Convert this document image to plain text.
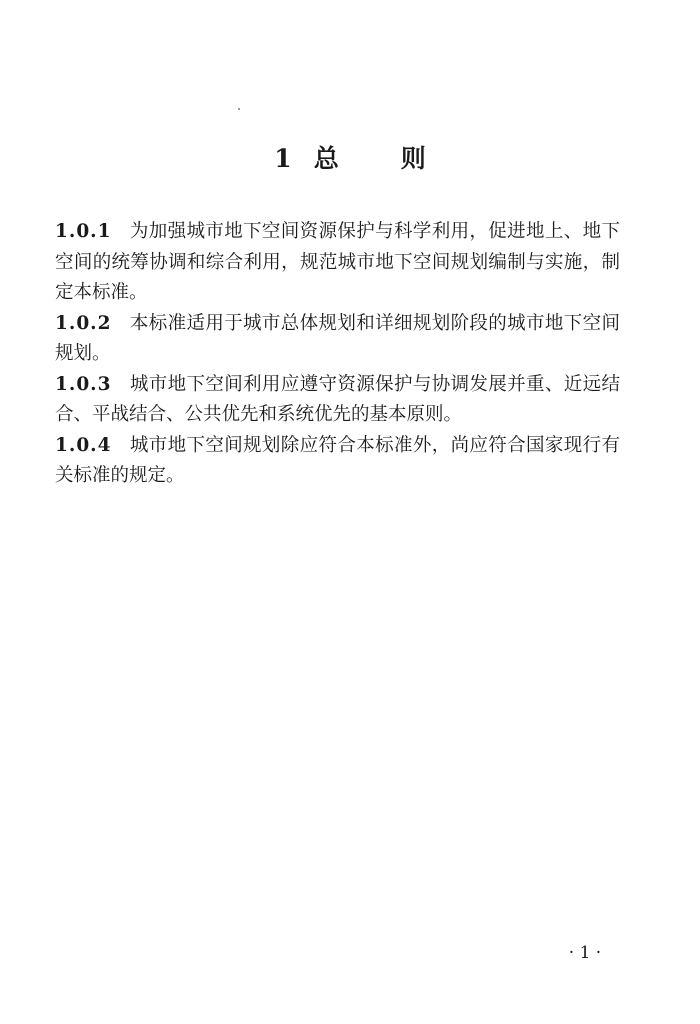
1 总 则

1.0.1 为加强城市地下空间资源保护与科学利用，促进地上、地下空间的统筹协调和综合利用，规范城市地下空间规划编制与实施，制定本标准。

1.0.2 本标准适用于城市总体规划和详细规划阶段的城市地下空间规划。

1.0.3 城市地下空间利用应遵守资源保护与协调发展并重、近远结合、平战结合、公共优先和系统优先的基本原则。

1.0.4 城市地下空间规划除应符合本标准外，尚应符合国家现行有关标准的规定。

· 1 ·
